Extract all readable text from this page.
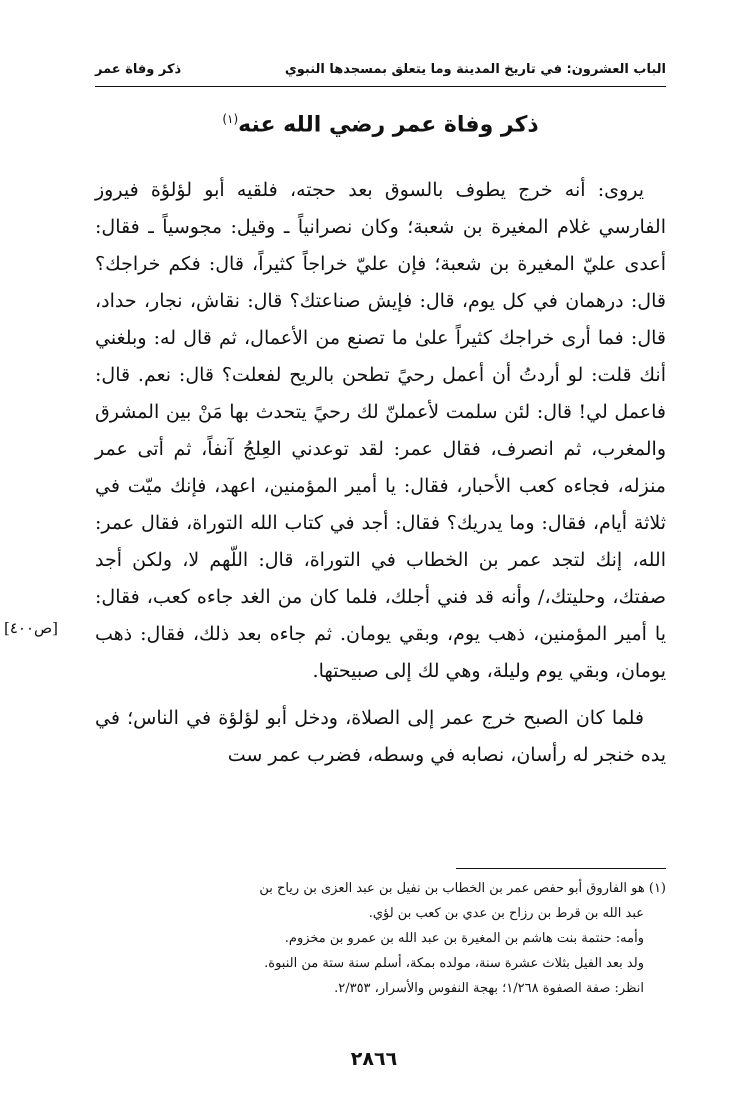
الباب العشرون: في تاريخ المدينة وما يتعلق بمسجدها النبوي
ذكر وفاة عمر
ذكر وفاة عمر رضي الله عنه$^{(١)}$

يروى: أنه خرج يطوف بالسوق بعد حجته، فلقيه أبو لؤلؤة فيروز الفارسي غلام المغيرة بن شعبة؛ وكان نصرانياً ـ وقيل: مجوسياً ـ فقال: أعدى عليّ المغيرة بن شعبة؛ فإن عليّ خراجاً كثيراً، قال: فكم خراجك؟ قال: درهمان في كل يوم، قال: فإيش صناعتك؟ قال: نقاش، نجار، حداد، قال: فما أرى خراجك كثيراً علىٰ ما تصنع من الأعمال، ثم قال له: وبلغني أنك قلت: لو أردتُ أن أعمل رحيً تطحن بالريح لفعلت؟ قال: نعم. قال: فاعمل لي! قال: لئن سلمت لأعملنّ لك رحيً يتحدث بها مَنْ بين المشرق والمغرب، ثم انصرف، فقال عمر: لقد توعدني العِلجُ آنفاً، ثم أتى عمر منزله، فجاءه كعب الأحبار، فقال: يا أمير المؤمنين، اعهد، فإنك ميّت في ثلاثة أيام، فقال: وما يدريك؟ فقال: أجد في كتاب الله التوراة، فقال عمر: الله، إنك لتجد عمر بن الخطاب في التوراة، قال: اللّهم لا، ولكن أجد صفتك، وحليتك،/ وأنه قد فني أجلك، فلما كان من الغد جاءه كعب، فقال: يا أمير المؤمنين، ذهب يوم، وبقي يومان. ثم جاءه بعد ذلك، فقال: ذهب يومان، وبقي يوم وليلة، وهي لك إلى صبيحتها.

فلما كان الصبح خرج عمر إلى الصلاة، ودخل أبو لؤلؤة في الناس؛ في يده خنجر له رأسان، نصابه في وسطه، فضرب عمر ست

[ص٤٠٠]
(١) هو الفاروق أبو حفص عمر بن الخطاب بن نفيل بن عبد العزى بن رياح بن
عبد الله بن قرط بن رزاح بن عدي بن كعب بن لؤي.
وأمه: حنتمة بنت هاشم بن المغيرة بن عبد الله بن عمرو بن مخزوم.
ولد بعد الفيل بثلاث عشرة سنة، مولده بمكة، أسلم سنة ستة من النبوة.
انظر: صفة الصفوة ١/٢٦٨؛ بهجة النفوس والأسرار، ٢/٣٥٣.
٢٨٦٦
